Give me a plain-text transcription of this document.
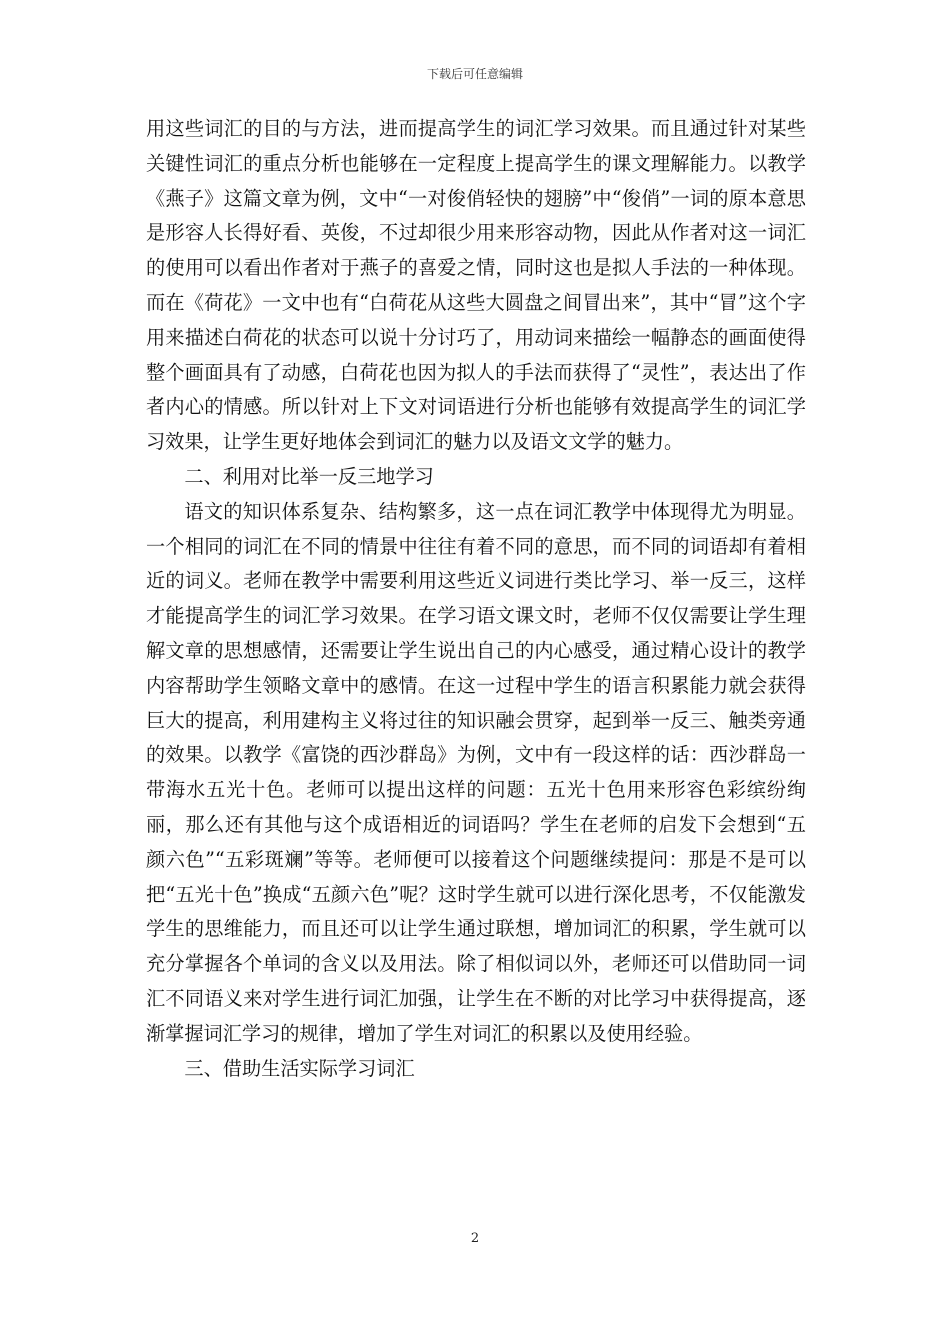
下载后可任意编辑

用这些词汇的目的与方法，进而提高学生的词汇学习效果。而且通过针对某些关键性词汇的重点分析也能够在一定程度上提高学生的课文理解能力。以教学《燕子》这篇文章为例，文中“一对俊俏轻快的翅膀”中“俊俏”一词的原本意思是形容人长得好看、英俊，不过却很少用来形容动物，因此从作者对这一词汇的使用可以看出作者对于燕子的喜爱之情，同时这也是拟人手法的一种体现。而在《荷花》一文中也有“白荷花从这些大圆盘之间冒出来”，其中“冒”这个字用来描述白荷花的状态可以说十分讨巧了，用动词来描绘一幅静态的画面使得整个画面具有了动感，白荷花也因为拟人的手法而获得了“灵性”，表达出了作者内心的情感。所以针对上下文对词语进行分析也能够有效提高学生的词汇学习效果，让学生更好地体会到词汇的魅力以及语文文学的魅力。

二、利用对比举一反三地学习

语文的知识体系复杂、结构繁多，这一点在词汇教学中体现得尤为明显。一个相同的词汇在不同的情景中往往有着不同的意思，而不同的词语却有着相近的词义。老师在教学中需要利用这些近义词进行类比学习、举一反三，这样才能提高学生的词汇学习效果。在学习语文课文时，老师不仅仅需要让学生理解文章的思想感情，还需要让学生说出自己的内心感受，通过精心设计的教学内容帮助学生领略文章中的感情。在这一过程中学生的语言积累能力就会获得巨大的提高，利用建构主义将过往的知识融会贯穿，起到举一反三、触类旁通的效果。以教学《富饶的西沙群岛》为例，文中有一段这样的话：西沙群岛一带海水五光十色。老师可以提出这样的问题：五光十色用来形容色彩缤纷绚丽，那么还有其他与这个成语相近的词语吗？学生在老师的启发下会想到“五颜六色”“五彩斑斓”等等。老师便可以接着这个问题继续提问：那是不是可以把“五光十色”换成“五颜六色”呢？这时学生就可以进行深化思考，不仅能激发学生的思维能力，而且还可以让学生通过联想，增加词汇的积累，学生就可以充分掌握各个单词的含义以及用法。除了相似词以外，老师还可以借助同一词汇不同语义来对学生进行词汇加强，让学生在不断的对比学习中获得提高，逐渐掌握词汇学习的规律，增加了学生对词汇的积累以及使用经验。

三、借助生活实际学习词汇

2
